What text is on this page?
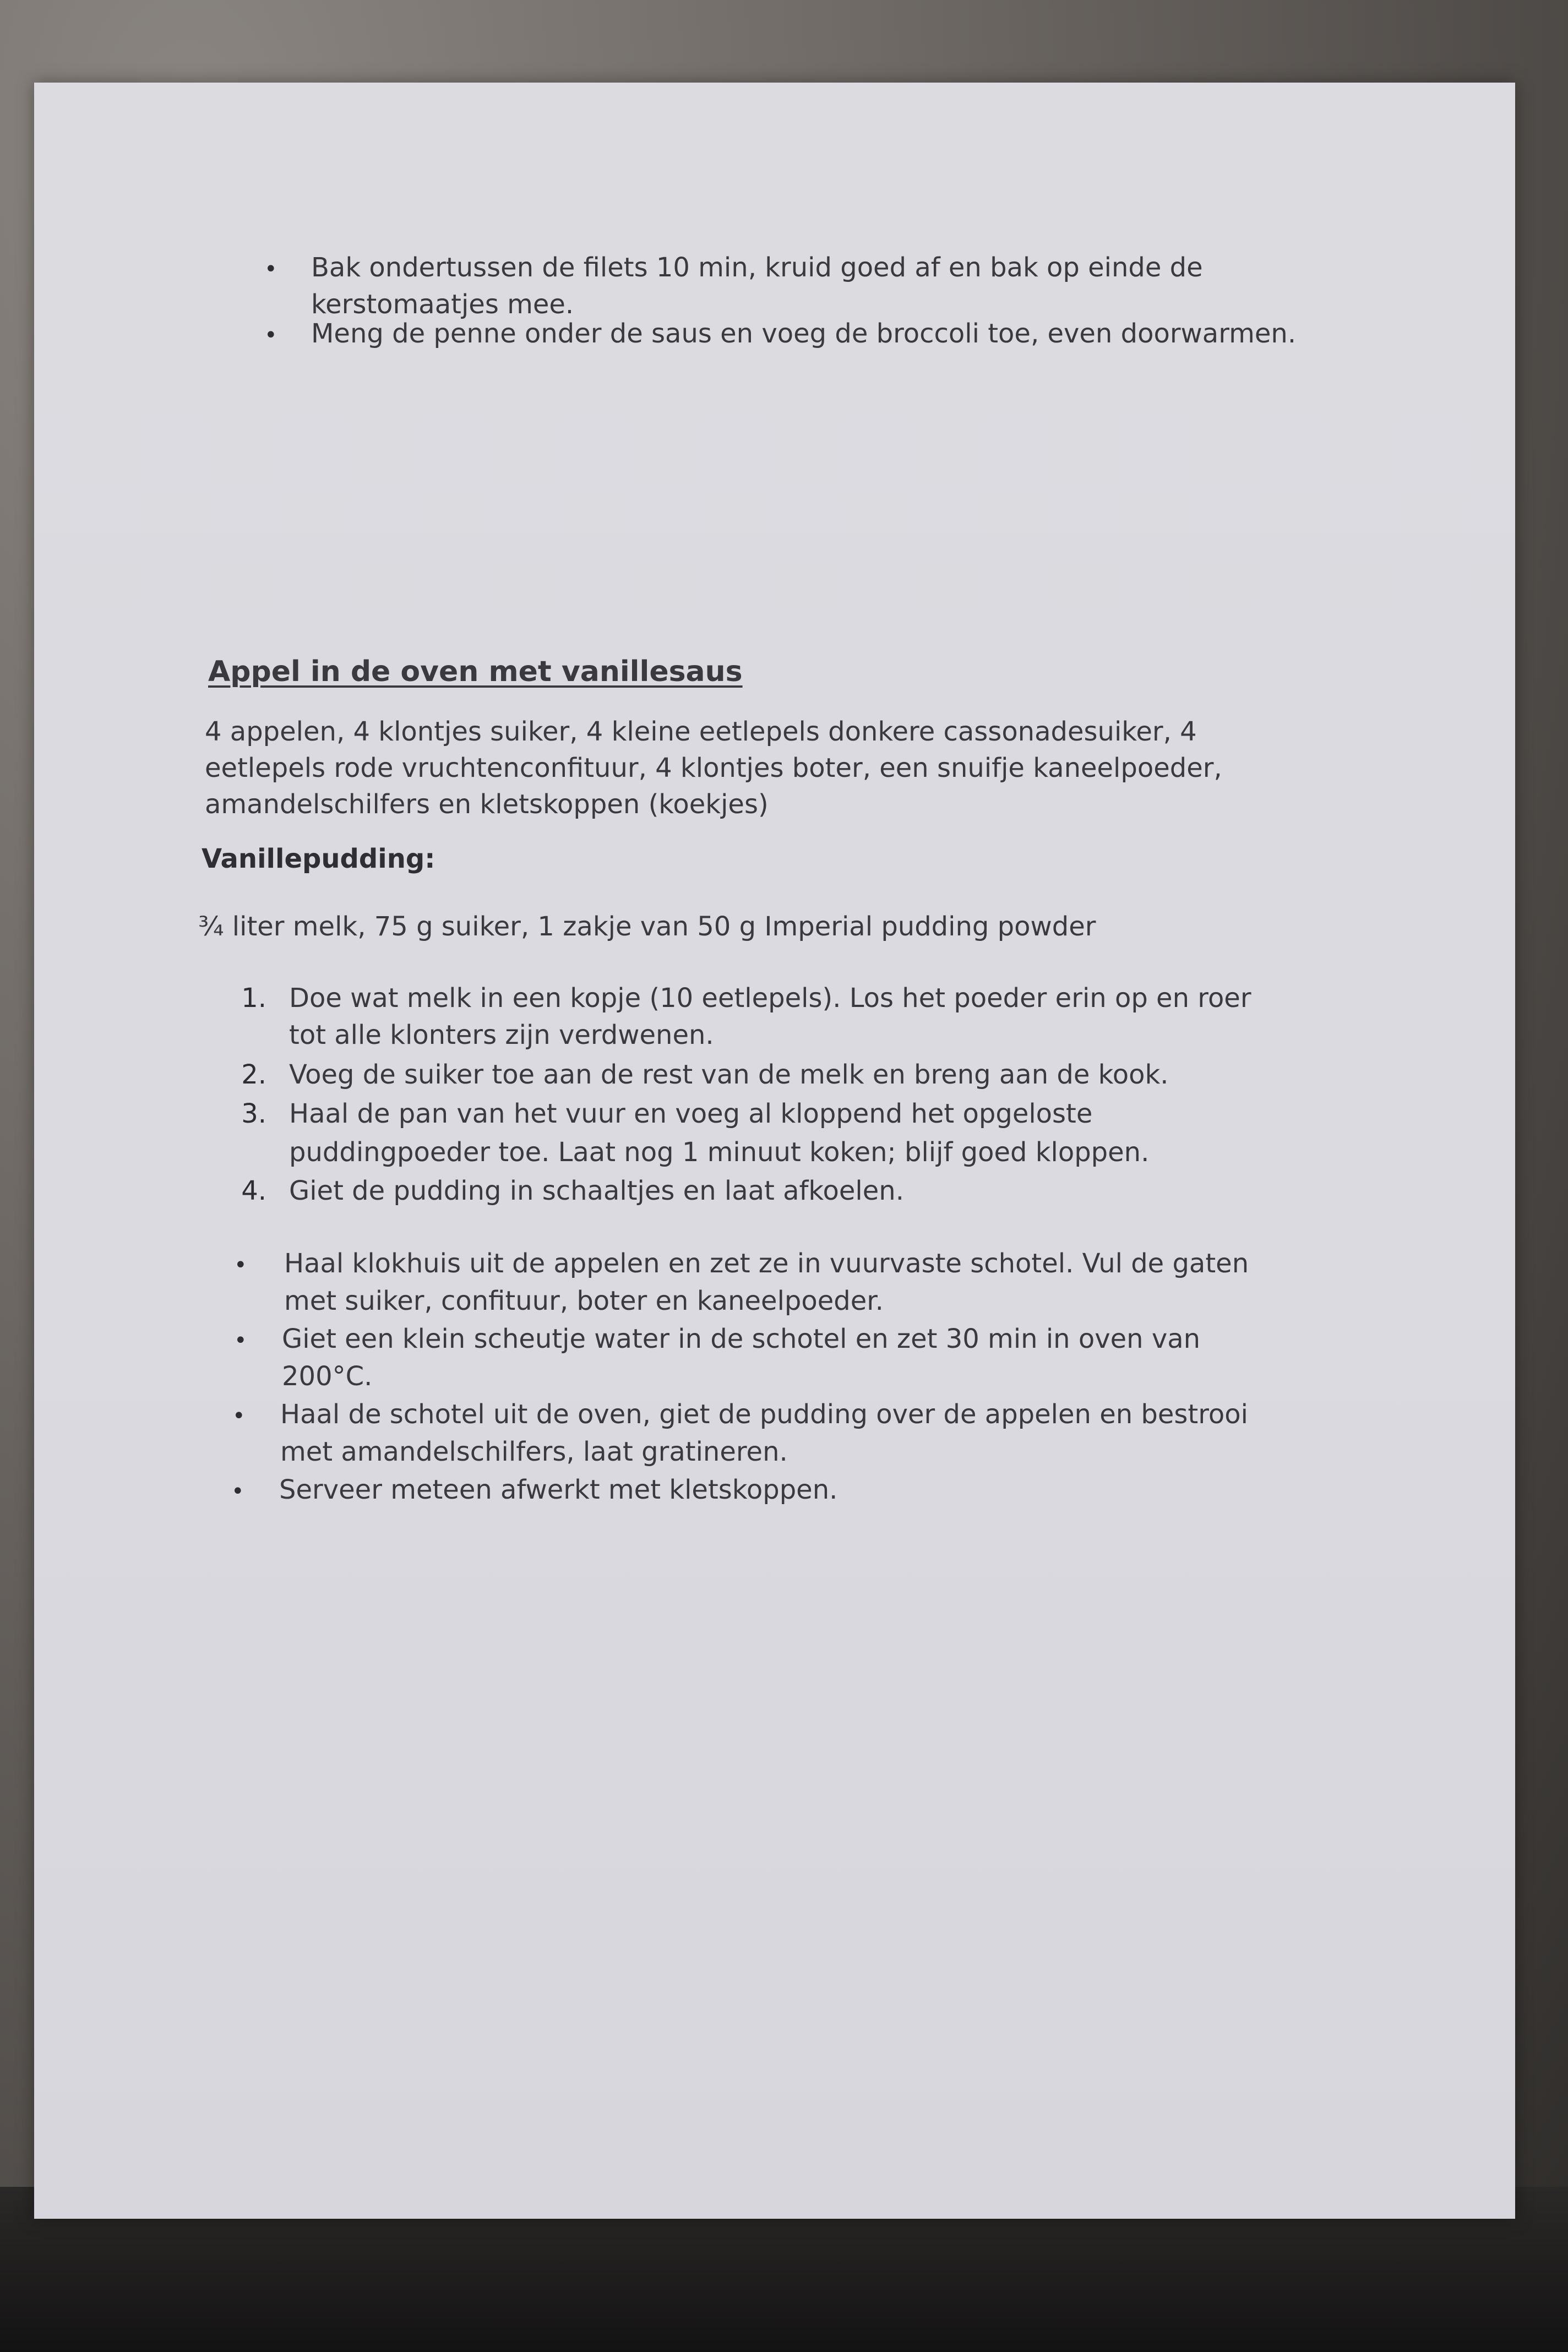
• Bak ondertussen de filets 10 min, kruid goed af en bak op einde de
kerstomaatjes mee.
• Meng de penne onder de saus en voeg de broccoli toe, even doorwarmen.
Appel in de oven met vanillesaus
4 appelen, 4 klontjes suiker, 4 kleine eetlepels donkere cassonadesuiker, 4
eetlepels rode vruchtenconfituur, 4 klontjes boter, een snuifje kaneelpoeder,
amandelschilfers en kletskoppen (koekjes)
Vanillepudding:
¾ liter melk, 75 g suiker, 1 zakje van 50 g Imperial pudding powder
1. Doe wat melk in een kopje (10 eetlepels). Los het poeder erin op en roer
tot alle klonters zijn verdwenen.
2. Voeg de suiker toe aan de rest van de melk en breng aan de kook.
3. Haal de pan van het vuur en voeg al kloppend het opgeloste
puddingpoeder toe. Laat nog 1 minuut koken; blijf goed kloppen.
4. Giet de pudding in schaaltjes en laat afkoelen.
• Haal klokhuis uit de appelen en zet ze in vuurvaste schotel. Vul de gaten
met suiker, confituur, boter en kaneelpoeder.
• Giet een klein scheutje water in de schotel en zet 30 min in oven van
200°C.
• Haal de schotel uit de oven, giet de pudding over de appelen en bestrooi
met amandelschilfers, laat gratineren.
• Serveer meteen afwerkt met kletskoppen.
